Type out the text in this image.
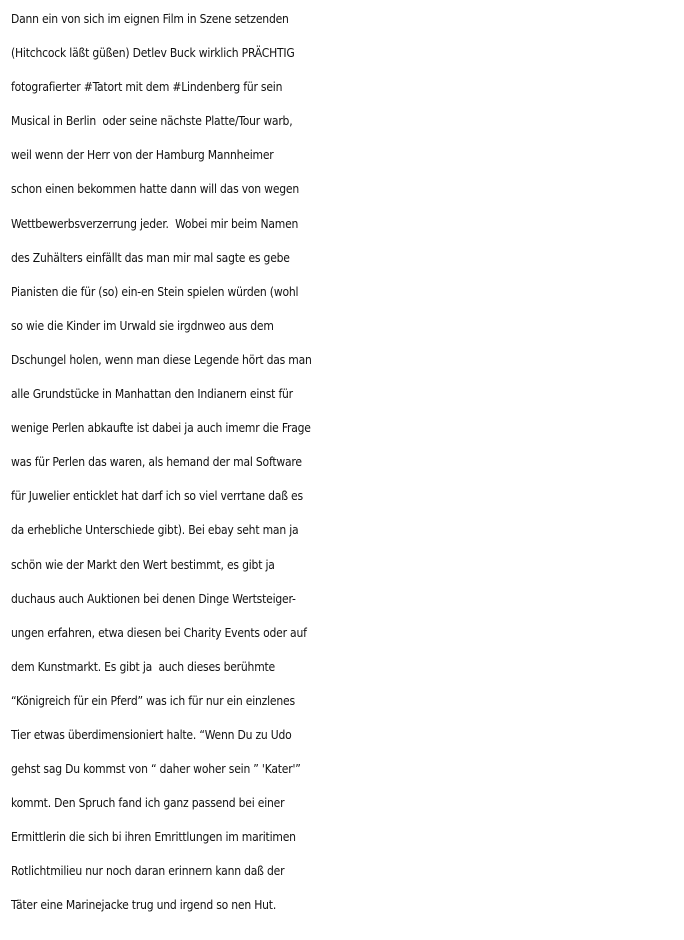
Dann ein von sich im eignen Film in Szene setzenden
(Hitchcock läßt güßen) Detlev Buck wirklich PRÄCHTIG
fotografierter #Tatort mit dem #Lindenberg für sein
Musical in Berlin  oder seine nächste Platte/Tour warb,
weil wenn der Herr von der Hamburg Mannheimer
schon einen bekommen hatte dann will das von wegen
Wettbewerbsverzerrung jeder.  Wobei mir beim Namen
des Zuhälters einfällt das man mir mal sagte es gebe
Pianisten die für (so) ein-en Stein spielen würden (wohl
so wie die Kinder im Urwald sie irgdnweo aus dem
Dschungel holen, wenn man diese Legende hört das man
alle Grundstücke in Manhattan den Indianern einst für
wenige Perlen abkaufte ist dabei ja auch imemr die Frage
was für Perlen das waren, als hemand der mal Software
für Juwelier enticklet hat darf ich so viel verrtane daß es
da erhebliche Unterschiede gibt). Bei ebay seht man ja
schön wie der Markt den Wert bestimmt, es gibt ja
duchaus auch Auktionen bei denen Dinge Wertsteiger-
ungen erfahren, etwa diesen bei Charity Events oder auf
dem Kunstmarkt. Es gibt ja  auch dieses berühmte
“Königreich für ein Pferd” was ich für nur ein einzlenes
Tier etwas überdimensioniert halte. “Wenn Du zu Udo
gehst sag Du kommst von “ daher woher sein ” 'Kater'”
kommt. Den Spruch fand ich ganz passend bei einer
Ermittlerin die sich bi ihren Emrittlungen im maritimen
Rotlichtmilieu nur noch daran erinnern kann daß der
Täter eine Marinejacke trug und irgend so nen Hut.
